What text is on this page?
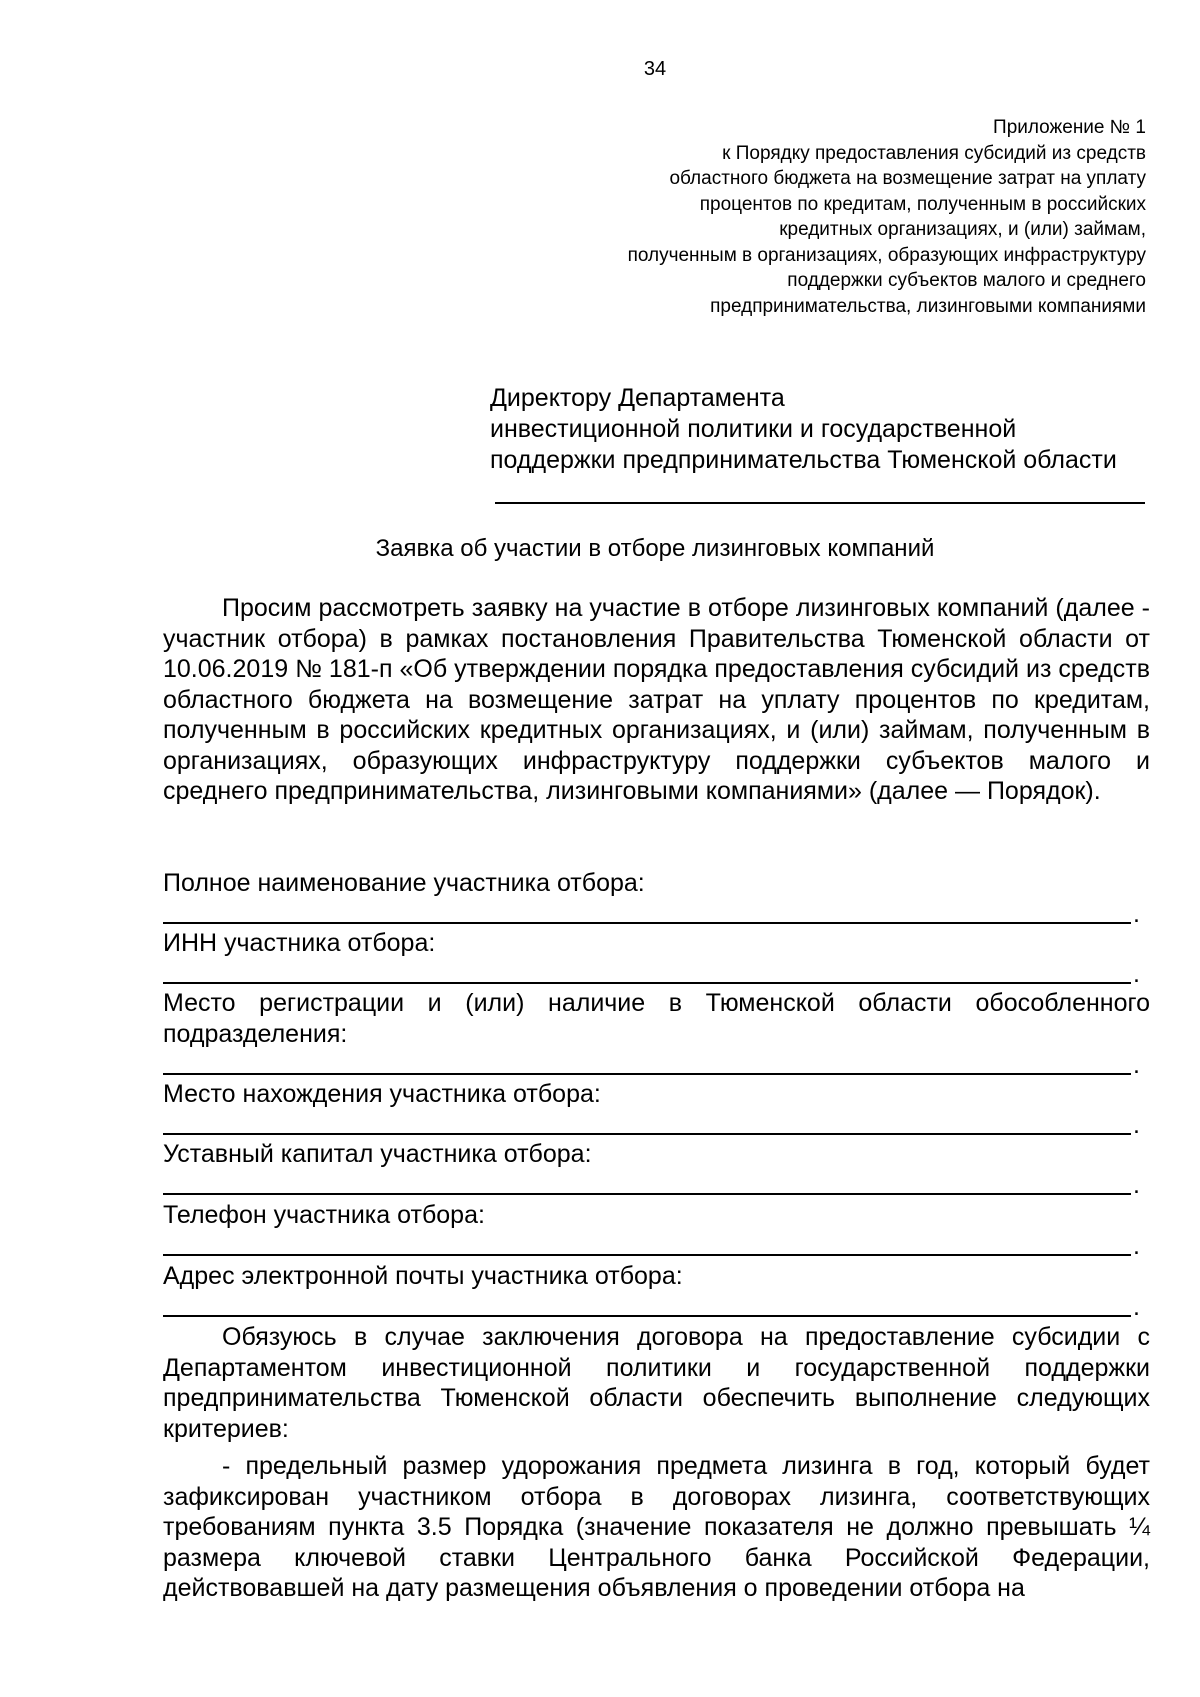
34
Приложение № 1
к Порядку предоставления субсидий из средств
областного бюджета на возмещение затрат на уплату
процентов по кредитам, полученным в российских
кредитных организациях, и (или) займам,
полученным в организациях, образующих инфраструктуру
поддержки субъектов малого и среднего
предпринимательства, лизинговыми компаниями
Директору Департамента
инвестиционной политики и государственной
поддержки предпринимательства Тюменской области
Заявка об участии в отборе лизинговых компаний
Просим рассмотреть заявку на участие в отборе лизинговых компаний (далее - участник отбора) в рамках постановления Правительства Тюменской области от 10.06.2019 № 181-п «Об утверждении порядка предоставления субсидий из средств областного бюджета на возмещение затрат на уплату процентов по кредитам, полученным в российских кредитных организациях, и (или) займам, полученным в организациях, образующих инфраструктуру поддержки субъектов малого и среднего предпринимательства, лизинговыми компаниями» (далее — Порядок).
Полное наименование участника отбора:
.
ИНН участника отбора:
.
Место регистрации и (или) наличие в Тюменской области обособленного подразделения:
.
Место нахождения участника отбора:
.
Уставный капитал участника отбора:
.
Телефон участника отбора:
.
Адрес электронной почты участника отбора:
.
Обязуюсь в случае заключения договора на предоставление субсидии с Департаментом инвестиционной политики и государственной поддержки предпринимательства Тюменской области обеспечить выполнение следующих критериев:
- предельный размер удорожания предмета лизинга в год, который будет зафиксирован участником отбора в договорах лизинга, соответствующих требованиям пункта 3.5 Порядка (значение показателя не должно превышать ¼ размера ключевой ставки Центрального банка Российской Федерации, действовавшей на дату размещения объявления о проведении отбора на
